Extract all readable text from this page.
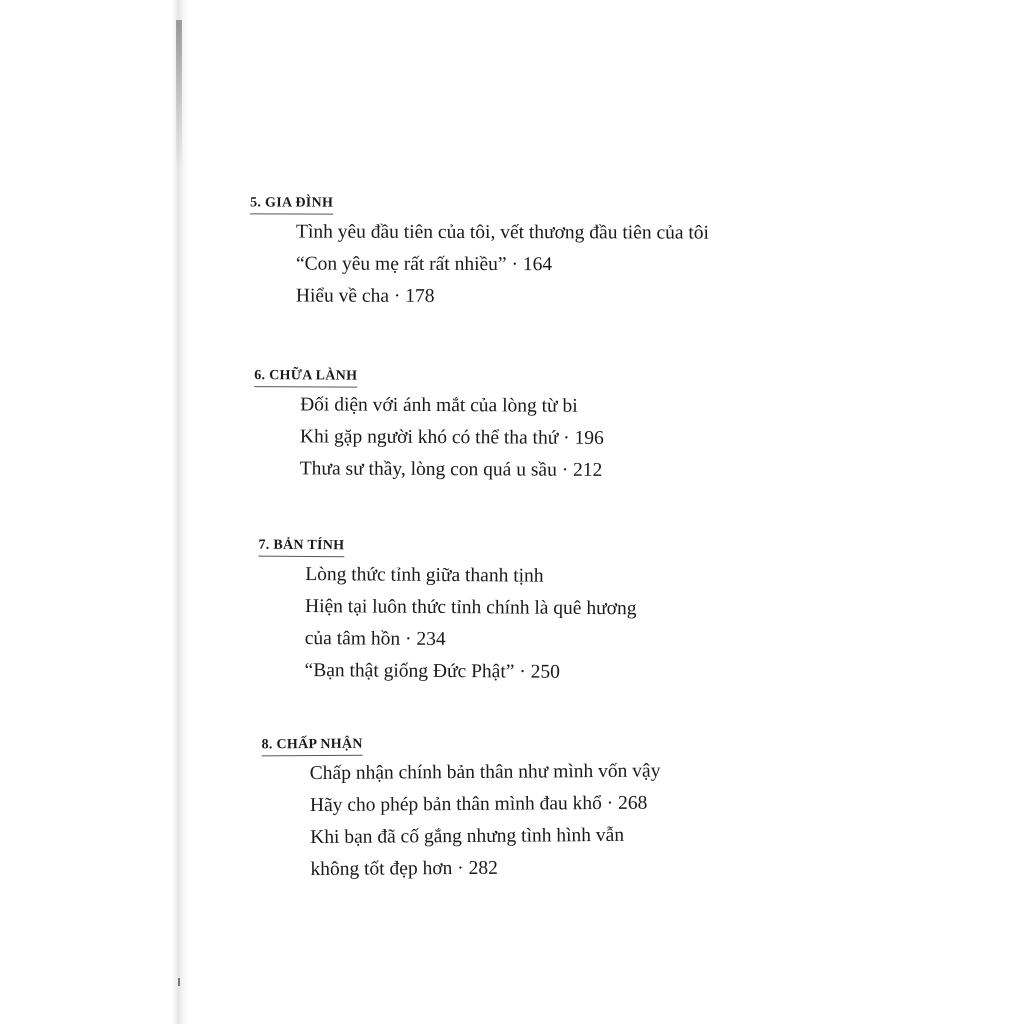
5. GIA ĐÌNH
Tình yêu đầu tiên của tôi, vết thương đầu tiên của tôi
“Con yêu mẹ rất rất nhiều” · 164
Hiểu về cha · 178
6. CHỮA LÀNH
Đối diện với ánh mắt của lòng từ bi
Khi gặp người khó có thể tha thứ · 196
Thưa sư thầy, lòng con quá u sầu · 212
7. BẢN TÍNH
Lòng thức tỉnh giữa thanh tịnh
Hiện tại luôn thức tỉnh chính là quê hương
của tâm hồn · 234
“Bạn thật giống Đức Phật” · 250
8. CHẤP NHẬN
Chấp nhận chính bản thân như mình vốn vậy
Hãy cho phép bản thân mình đau khổ · 268
Khi bạn đã cố gắng nhưng tình hình vẫn
không tốt đẹp hơn · 282
